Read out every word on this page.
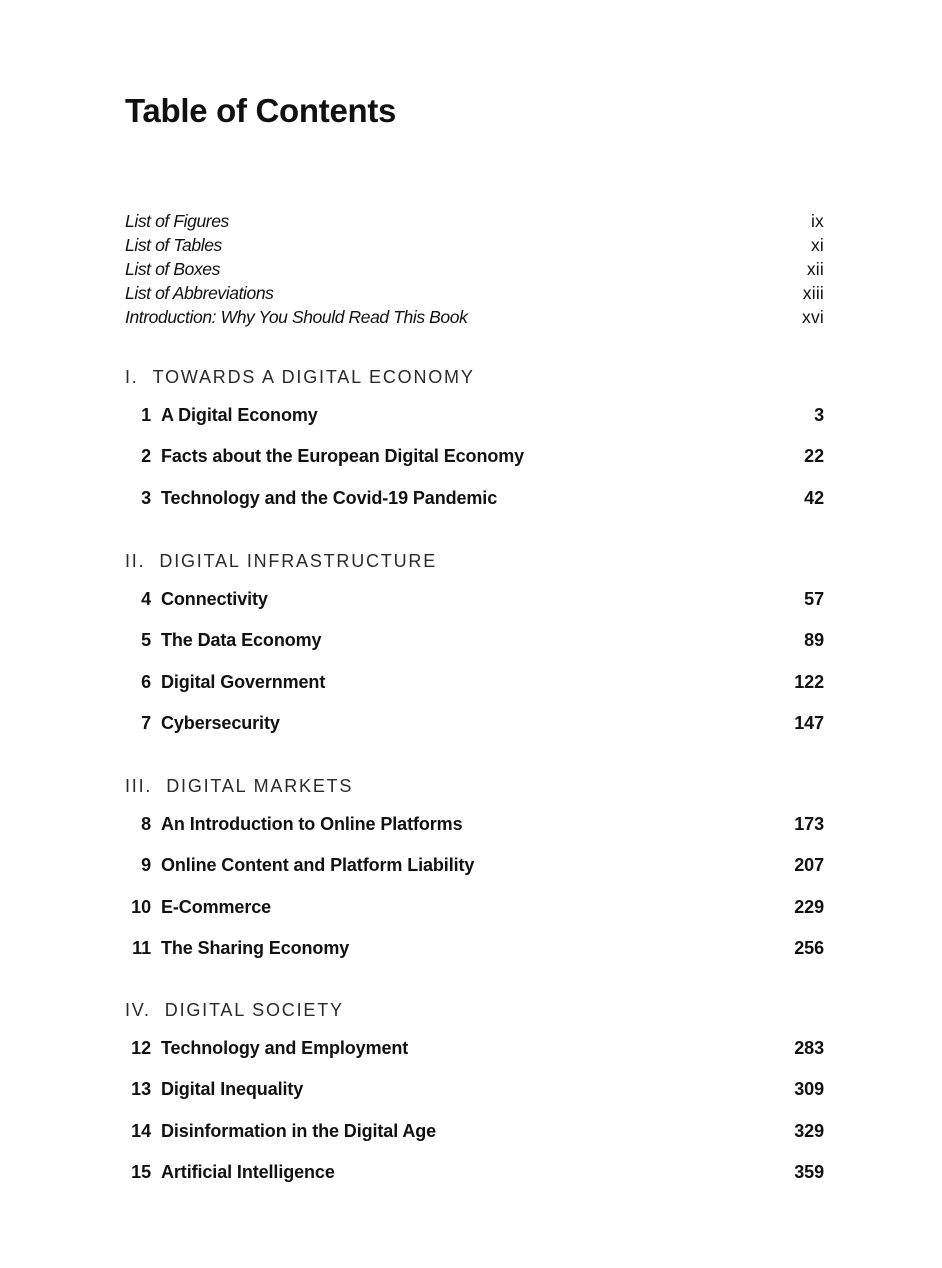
Table of Contents
List of Figures	ix
List of Tables	xi
List of Boxes	xii
List of Abbreviations	xiii
Introduction: Why You Should Read This Book	xvi
I. TOWARDS A DIGITAL ECONOMY
1 A Digital Economy	3
2 Facts about the European Digital Economy	22
3 Technology and the Covid-19 Pandemic	42
II. DIGITAL INFRASTRUCTURE
4 Connectivity	57
5 The Data Economy	89
6 Digital Government	122
7 Cybersecurity	147
III. DIGITAL MARKETS
8 An Introduction to Online Platforms	173
9 Online Content and Platform Liability	207
10 E-Commerce	229
11 The Sharing Economy	256
IV. DIGITAL SOCIETY
12 Technology and Employment	283
13 Digital Inequality	309
14 Disinformation in the Digital Age	329
15 Artificial Intelligence	359
